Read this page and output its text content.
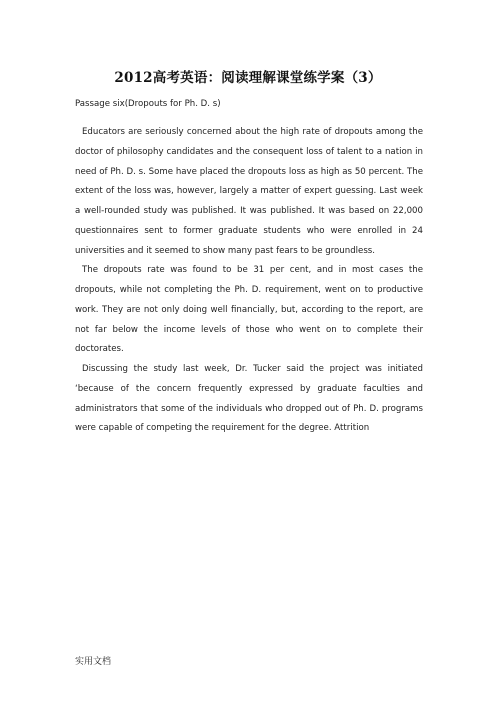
2012高考英语：阅读理解课堂练学案（3）
Passage six(Dropouts for Ph. D. s)

Educators are seriously concerned about the high rate of dropouts among the doctor of philosophy candidates and the consequent loss of talent to a nation in need of Ph. D. s. Some have placed the dropouts loss as high as 50 percent. The extent of the loss was, however, largely a matter of expert guessing. Last week a well-rounded study was published. It was published. It was based on 22,000 questionnaires sent to former graduate students who were enrolled in 24 universities and it seemed to show many past fears to be groundless.

The dropouts rate was found to be 31 per cent, and in most cases the dropouts, while not completing the Ph. D. requirement, went on to productive work. They are not only doing well financially, but, according to the report, are not far below the income levels of those who went on to complete their doctorates.

Discussing the study last week, Dr. Tucker said the project was initiated ‘because of the concern frequently expressed by graduate faculties and administrators that some of the individuals who dropped out of Ph. D. programs were capable of competing the requirement for the degree. Attrition

实用文档
